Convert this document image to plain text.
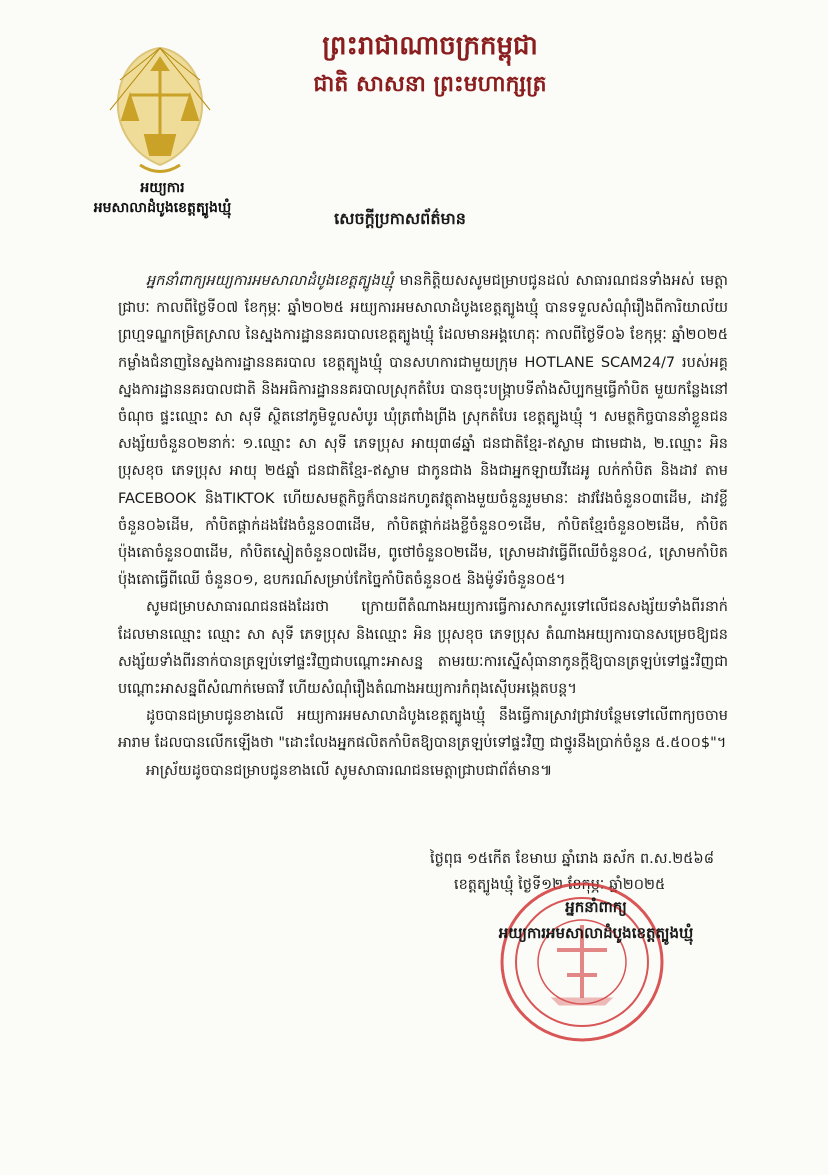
អយ្យការ
អមសាលាដំបូងខេត្តត្បូងឃ្មុំ
ព្រះរាជាណាចក្រកម្ពុជា
ជាតិ សាសនា ព្រះមហាក្សត្រ
សេចក្តីប្រកាសព័ត៌មាន

អ្នកនាំពាក្យអយ្យការអមសាលាដំបូងខេត្តត្បូងឃ្មុំ មានកិត្តិយសសូមជម្រាបជូនដល់ សាធារណជនទាំងអស់ មេត្តាជ្រាបៈ កាលពីថ្ងៃទី០៧ ខែកុម្ភៈ ឆ្នាំ២០២៥ អយ្យការអមសាលាដំបូងខេត្តត្បូងឃ្មុំ បានទទួលសំណុំរឿងពីការិយាល័យព្រហ្មទណ្ឌកម្រិតស្រាល នៃស្នងការដ្ឋាននគរបាលខេត្តត្បូងឃ្មុំ ដែលមានអង្គហេតុៈ កាលពីថ្ងៃទី០៦ ខែកុម្ភៈ ឆ្នាំ២០២៥ កម្លាំងជំនាញនៃស្នងការដ្ឋាននគរបាល ខេត្តត្បូងឃ្មុំ បានសហការជាមួយក្រុម HOTLANE SCAM24/7 របស់អគ្គស្នងការដ្ឋាននគរបាលជាតិ និងអធិការដ្ឋាននគរបាលស្រុកតំបែរ បានចុះបង្ក្រាបទីតាំងសិប្បកម្មធ្វើកាំបិត មួយកន្លែងនៅចំណុច ផ្ទះឈ្មោះ សា សុទី ស្ថិតនៅភូមិទួលសំបូរ ឃុំត្រពាំងព្រីង ស្រុកតំបែរ ខេត្តត្បូងឃ្មុំ ។ សមត្ថកិច្ចបាននាំខ្លួនជនសង្ស័យចំនួន០២នាក់ៈ ១.ឈ្មោះ សា សុទី ភេទប្រុស អាយុ៣៨ឆ្នាំ ជនជាតិខ្មែរ-ឥស្លាម ជាមេជាង, ២.ឈ្មោះ អិន ប្រុសខុច ភេទប្រុស អាយុ ២៥ឆ្នាំ ជនជាតិខ្មែរ-ឥស្លាម ជាកូនជាង និងជាអ្នកឡាយវីដេអូ លក់កាំបិត និងដាវ តាម FACEBOOK និងTIKTOK ហើយសមត្ថកិច្ចក៏បានដកហូតវត្ថុតាងមួយចំនួនរួមមានៈ ដាវវែងចំនួន០៣ដើម, ដាវខ្លីចំនួន០៦ដើម, កាំបិតផ្គាក់ដងវែងចំនួន០៣ដើម, កាំបិតផ្គាក់ដងខ្លីចំនួន០១ដើម, កាំបិតខ្មែរចំនួន០២ដើម, កាំបិតប៉ុងតោចំនួន០៣ដើម, កាំបិតស្នៀតចំនួន០៧ដើម, ពូថៅចំនួន០២ដើម, ស្រោមដាវធ្វើពីឈើចំនួន០៤, ស្រោមកាំបិតប៉ុងតោធ្វើពីឈើ ចំនួន០១, ឧបករណ៍សម្រាប់កែច្នៃកាំបិតចំនួន០៥ និងម៉ូទ័រចំនួន០៥។

សូមជម្រាបសាធារណជនផងដែរថា ក្រោយពីតំណាងអយ្យការធ្វើការសាកសួរទៅលើជនសង្ស័យទាំងពីរនាក់ ដែលមានឈ្មោះ ឈ្មោះ សា សុទី ភេទប្រុស និងឈ្មោះ អិន ប្រុសខុច ភេទប្រុស តំណាងអយ្យការបានសម្រេចឱ្យជនសង្ស័យទាំងពីរនាក់បានត្រឡប់ទៅផ្ទះវិញជាបណ្តោះអាសន្ន តាមរយៈការស្នើសុំធានាកូនក្តីឱ្យបានត្រឡប់ទៅផ្ទះវិញជាបណ្តោះអាសន្នពីសំណាក់មេធាវី ហើយសំណុំរឿងតំណាងអយ្យការកំពុងស៊ើបអង្កេតបន្ត។

ដូចបានជម្រាបជូនខាងលើ អយ្យការអមសាលាដំបូងខេត្តត្បូងឃ្មុំ នឹងធ្វើការស្រាវជ្រាវបន្ថែមទៅលើពាក្យចចាមអារាម ដែលបានលើកឡើងថា "ដោះលែងអ្នកផលិតកាំបិតឱ្យបានត្រឡប់ទៅផ្ទះវិញ ជាថ្នូរនឹងប្រាក់ចំនួន ៥.៥០០$"។

អាស្រ័យដូចបានជម្រាបជូនខាងលើ សូមសាធារណជនមេត្តាជ្រាបជាព័ត៌មាន៕

ថ្ងៃពុធ ១៥កើត ខែមាឃ ឆ្នាំរោង ឆស័ក ព.ស.២៥៦៨
ខេត្តត្បូងឃ្មុំ ថ្ងៃទី១២ ខែកុម្ភៈ ឆ្នាំ២០២៥
អ្នកនាំពាក្យ
អយ្យការអមសាលាដំបូងខេត្តត្បូងឃ្មុំ
